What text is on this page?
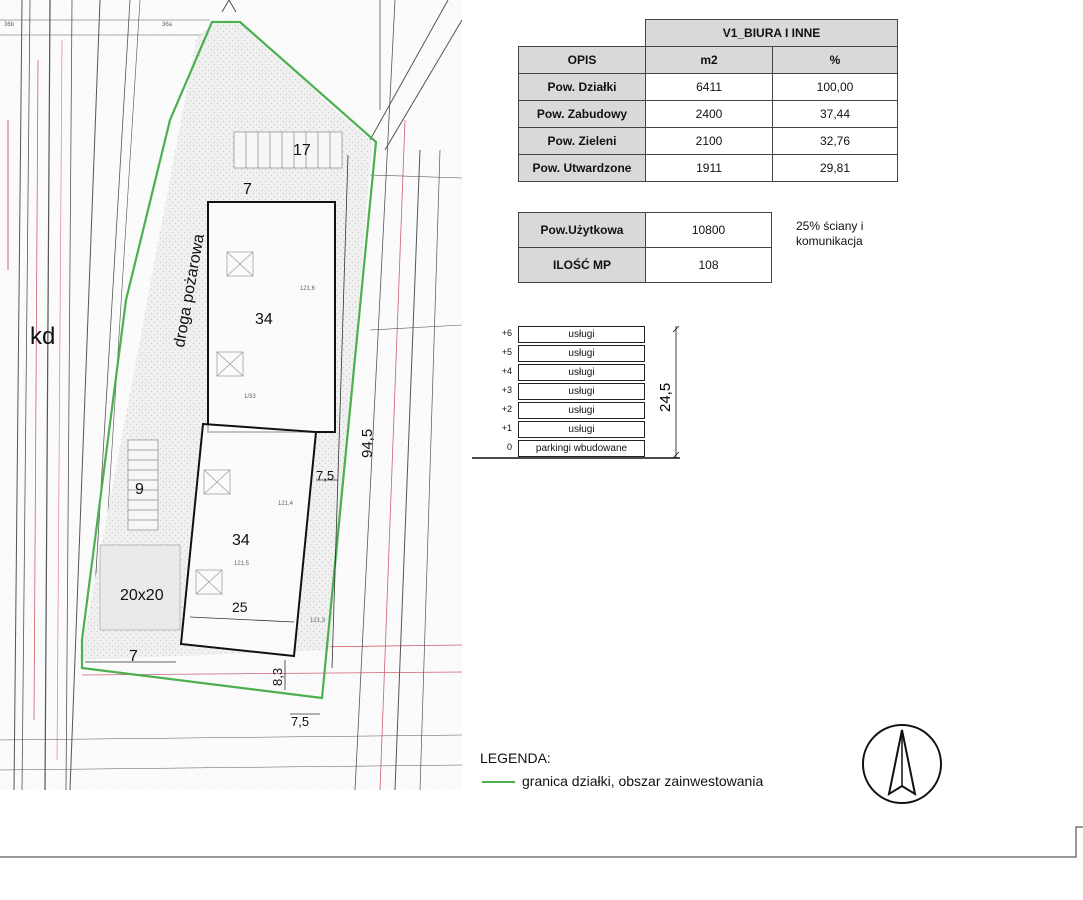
kd	droga pożarowa
17
7
34
34
9
20x20
25
7
94,5
7,5
8,3
7,5
36a
36b
121,6
121,5
121,4
121,3
1/33	24,5
	V1_BIURA I INNE	
OPIS	m2	%
Pow. Działki	6411	100,00
Pow. Zabudowy	2400	37,44
Pow. Zieleni	2100	32,76
Pow. Utwardzone	1911	29,81
Pow.Użytkowa	10800
ILOŚĆ MP	108
25% ściany i
komunikacja
+6	usługi
+5	usługi
+4	usługi
+3	usługi
+2	usługi
+1	usługi
0	parkingi wbudowane
LEGENDA:
granica działki, obszar zainwestowania
